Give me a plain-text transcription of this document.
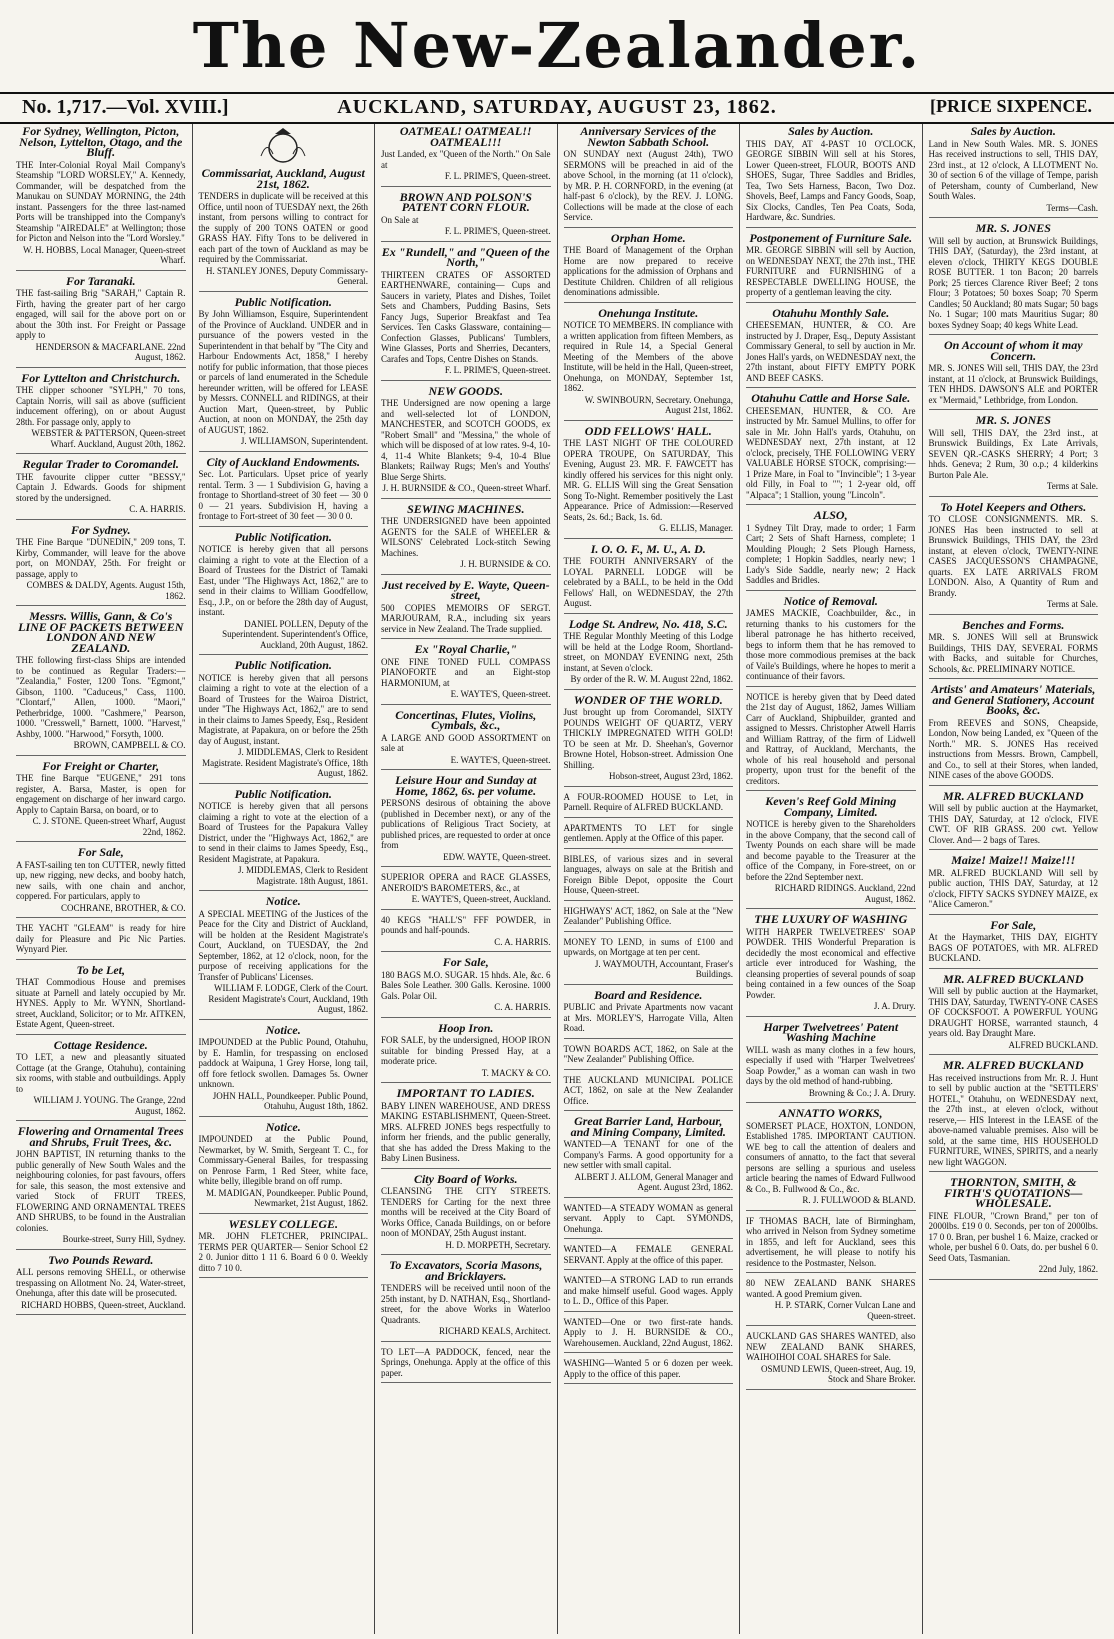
The New-Zealander.
No. 1,717.—Vol. XVIII.]	AUCKLAND, SATURDAY, AUGUST 23, 1862.	[PRICE SIXPENCE.
For Sydney, Wellington, Picton, Nelson, Lyttelton, Otago, and the Bluff.

THE Inter-Colonial Royal Mail Company's Steamship "LORD WORSLEY," A. Kennedy, Commander, will be despatched from the Manukau on SUNDAY MORNING, the 24th instant. Passengers for the three last-named Ports will be transhipped into the Company's Steamship "AIREDALE" at Wellington; those for Picton and Nelson into the "Lord Worsley."

W. H. HOBBS, Local Manager, Queen-street Wharf.
For Taranaki.

THE fast-sailing Brig "SARAH," Captain R. Firth, having the greater part of her cargo engaged, will sail for the above port on or about the 30th inst. For Freight or Passage apply to

HENDERSON & MACFARLANE. 22nd August, 1862.
For Lyttelton and Christchurch.

THE clipper schooner "SYLPH," 70 tons, Captain Norris, will sail as above (sufficient inducement offering), on or about August 28th. For passage only, apply to

WEBSTER & PATTERSON, Queen-street Wharf. Auckland, August 20th, 1862.
Regular Trader to Coromandel.

THE favourite clipper cutter "BESSY," Captain J. Edwards. Goods for shipment stored by the undersigned.

C. A. HARRIS.
For Sydney.

THE Fine Barque "DUNEDIN," 209 tons, T. Kirby, Commander, will leave for the above port, on MONDAY, 25th. For freight or passage, apply to

COMBES & DALDY, Agents. August 15th, 1862.
Messrs. Willis, Gann, & Co's LINE OF PACKETS BETWEEN LONDON AND NEW ZEALAND.

THE following first-class Ships are intended to be continued as Regular Traders:— "Zealandia," Foster, 1200 Tons. "Egmont," Gibson, 1100. "Caduceus," Cass, 1100. "Clontarf," Allen, 1000. "Maori," Petherbridge, 1000. "Cashmere," Pearson, 1000. "Cresswell," Barnett, 1000. "Harvest," Ashby, 1000. "Harwood," Forsyth, 1000.

BROWN, CAMPBELL & CO.
For Freight or Charter,

THE fine Barque "EUGENE," 291 tons register, A. Barsa, Master, is open for engagement on discharge of her inward cargo. Apply to Captain Barsa, on board, or to

C. J. STONE. Queen-street Wharf, August 22nd, 1862.
For Sale,

A FAST-sailing ten ton CUTTER, newly fitted up, new rigging, new decks, and booby hatch, new sails, with one chain and anchor, coppered. For particulars, apply to

COCHRANE, BROTHER, & CO.

THE YACHT "GLEAM" is ready for hire daily for Pleasure and Pic Nic Parties. Wynyard Pier.

To be Let,

THAT Commodious House and premises situate at Parnell and lately occupied by Mr. HYNES. Apply to Mr. WYNN, Shortland-street, Auckland, Solicitor; or to Mr. AITKEN, Estate Agent, Queen-street.

Cottage Residence.

TO LET, a new and pleasantly situated Cottage (at the Grange, Otahuhu), containing six rooms, with stable and outbuildings. Apply to

WILLIAM J. YOUNG. The Grange, 22nd August, 1862.
Flowering and Ornamental Trees and Shrubs, Fruit Trees, &c.

JOHN BAPTIST, IN returning thanks to the public generally of New South Wales and the neighbouring colonies, for past favours, offers for sale, this season, the most extensive and varied Stock of FRUIT TREES, FLOWERING AND ORNAMENTAL TREES AND SHRUBS, to be found in the Australian colonies.

Bourke-street, Surry Hill, Sydney.
Two Pounds Reward.

ALL persons removing SHELL, or otherwise trespassing on Allotment No. 24, Water-street, Onehunga, after this date will be prosecuted.

RICHARD HOBBS, Queen-street, Auckland.
Commissariat, Auckland, August 21st, 1862.

TENDERS in duplicate will be received at this Office, until noon of TUESDAY next, the 26th instant, from persons willing to contract for the supply of 200 TONS OATEN or good GRASS HAY. Fifty Tons to be delivered in each part of the town of Auckland as may be required by the Commissariat.

H. STANLEY JONES, Deputy Commissary-General.
Public Notification.

By John Williamson, Esquire, Superintendent of the Province of Auckland. UNDER and in pursuance of the powers vested in the Superintendent in that behalf by "The City and Harbour Endowments Act, 1858," I hereby notify for public information, that those pieces or parcels of land enumerated in the Schedule hereunder written, will be offered for LEASE by Messrs. CONNELL and RIDINGS, at their Auction Mart, Queen-street, by Public Auction, at noon on MONDAY, the 25th day of AUGUST, 1862.

J. WILLIAMSON, Superintendent.
City of Auckland Endowments.

Sec. Lot. Particulars. Upset price of yearly rental. Term. 3 — 1 Subdivision G, having a frontage to Shortland-street of 30 feet — 30 0 0 — 21 years. Subdivision H, having a frontage to Fort-street of 30 feet — 30 0 0.

Public Notification.

NOTICE is hereby given that all persons claiming a right to vote at the Election of a Board of Trustees for the District of Tamaki East, under "The Highways Act, 1862," are to send in their claims to William Goodfellow, Esq., J.P., on or before the 28th day of August, instant.

DANIEL POLLEN, Deputy of the Superintendent. Superintendent's Office, Auckland, 20th August, 1862.
Public Notification.

NOTICE is hereby given that all persons claiming a right to vote at the election of a Board of Trustees for the Wairoa District, under "The Highways Act, 1862," are to send in their claims to James Speedy, Esq., Resident Magistrate, at Papakura, on or before the 25th day of August, instant.

J. MIDDLEMAS, Clerk to Resident Magistrate. Resident Magistrate's Office, 18th August, 1862.
Public Notification.

NOTICE is hereby given that all persons claiming a right to vote at the election of a Board of Trustees for the Papakura Valley District, under the "Highways Act, 1862," are to send in their claims to James Speedy, Esq., Resident Magistrate, at Papakura.

J. MIDDLEMAS, Clerk to Resident Magistrate. 18th August, 1861.
Notice.

A SPECIAL MEETING of the Justices of the Peace for the City and District of Auckland, will be holden at the Resident Magistrate's Court, Auckland, on TUESDAY, the 2nd September, 1862, at 12 o'clock, noon, for the purpose of receiving applications for the Transfer of Publicans' Licenses.

WILLIAM F. LODGE, Clerk of the Court. Resident Magistrate's Court, Auckland, 19th August, 1862.
Notice.

IMPOUNDED at the Public Pound, Otahuhu, by E. Hamlin, for trespassing on enclosed paddock at Waipuna, 1 Grey Horse, long tail, off fore fetlock swollen. Damages 5s. Owner unknown.

JOHN HALL, Poundkeeper. Public Pound, Otahuhu, August 18th, 1862.
Notice.

IMPOUNDED at the Public Pound, Newmarket, by W. Smith, Sergeant T. C., for Commissary-General Bailes, for trespassing on Penrose Farm, 1 Red Steer, white face, white belly, illegible brand on off rump.

M. MADIGAN, Poundkeeper. Public Pound, Newmarket, 21st August, 1862.
WESLEY COLLEGE.

MR. JOHN FLETCHER, PRINCIPAL. TERMS PER QUARTER— Senior School £2 2 0. Junior ditto 1 11 6. Board 6 0 0. Weekly ditto 7 10 0.

OATMEAL! OATMEAL!! OATMEAL!!!

Just Landed, ex "Queen of the North." On Sale at

F. L. PRIME'S, Queen-street.
BROWN AND POLSON'S PATENT CORN FLOUR.

On Sale at

F. L. PRIME'S, Queen-street.
Ex "Rundell," and "Queen of the North,"

THIRTEEN CRATES OF ASSORTED EARTHENWARE, containing— Cups and Saucers in variety, Plates and Dishes, Toilet Sets and Chambers, Pudding Basins, Sets Fancy Jugs, Superior Breakfast and Tea Services. Ten Casks Glassware, containing— Confection Glasses, Publicans' Tumblers, Wine Glasses, Ports and Sherries, Decanters, Carafes and Tops, Centre Dishes on Stands.

F. L. PRIME'S, Queen-street.
NEW GOODS.

THE Undersigned are now opening a large and well-selected lot of LONDON, MANCHESTER, and SCOTCH GOODS, ex "Robert Small" and "Messina," the whole of which will be disposed of at low rates. 9-4, 10-4, 11-4 White Blankets; 9-4, 10-4 Blue Blankets; Railway Rugs; Men's and Youths' Blue Serge Shirts.

J. H. BURNSIDE & CO., Queen-street Wharf.
SEWING MACHINES.

THE UNDERSIGNED have been appointed AGENTS for the SALE of WHEELER & WILSONS' Celebrated Lock-stitch Sewing Machines.

J. H. BURNSIDE & CO.
Just received by E. Wayte, Queen-street,

500 COPIES MEMOIRS OF SERGT. MARJOURAM, R.A., including six years service in New Zealand. The Trade supplied.

Ex "Royal Charlie,"

ONE FINE TONED FULL COMPASS PIANOFORTE and an Eight-stop HARMONIUM, at

E. WAYTE'S, Queen-street.
Concertinas, Flutes, Violins, Cymbals, &c.,

A LARGE AND GOOD ASSORTMENT on sale at

E. WAYTE'S, Queen-street.
Leisure Hour and Sunday at Home, 1862, 6s. per volume.

PERSONS desirous of obtaining the above (published in December next), or any of the publications of Religious Tract Society, at published prices, are requested to order at once from

EDW. WAYTE, Queen-street.

SUPERIOR OPERA and RACE GLASSES, ANEROID'S BAROMETERS, &c., at

E. WAYTE'S, Queen-street, Auckland.

40 KEGS "HALL'S" FFF POWDER, in pounds and half-pounds.

C. A. HARRIS.
For Sale,

180 BAGS M.O. SUGAR. 15 hhds. Ale, &c. 6 Bales Sole Leather. 300 Galls. Kerosine. 1000 Gals. Polar Oil.

C. A. HARRIS.
Hoop Iron.

FOR SALE, by the undersigned, HOOP IRON suitable for binding Pressed Hay, at a moderate price.

T. MACKY & CO.
IMPORTANT TO LADIES.

BABY LINEN WAREHOUSE, AND DRESS MAKING ESTABLISHMENT, Queen-Street. MRS. ALFRED JONES begs respectfully to inform her friends, and the public generally, that she has added the Dress Making to the Baby Linen Business.

City Board of Works.

CLEANSING THE CITY STREETS. TENDERS for Carting for the next three months will be received at the City Board of Works Office, Canada Buildings, on or before noon of MONDAY, 25th August instant.

H. D. MORPETH, Secretary.
To Excavators, Scoria Masons, and Bricklayers.

TENDERS will be received until noon of the 25th instant, by D. NATHAN, Esq., Shortland-street, for the above Works in Waterloo Quadrants.

RICHARD KEALS, Architect.

TO LET—A PADDOCK, fenced, near the Springs, Onehunga. Apply at the office of this paper.

Anniversary Services of the Newton Sabbath School.

ON SUNDAY next (August 24th), TWO SERMONS will be preached in aid of the above School, in the morning (at 11 o'clock), by MR. P. H. CORNFORD, in the evening (at half-past 6 o'clock), by the REV. J. LONG. Collections will be made at the close of each Service.

Orphan Home.

THE Board of Management of the Orphan Home are now prepared to receive applications for the admission of Orphans and Destitute Children. Children of all religious denominations admissible.

Onehunga Institute.

NOTICE TO MEMBERS. IN compliance with a written application from fifteen Members, as required in Rule 14, a Special General Meeting of the Members of the above Institute, will be held in the Hall, Queen-street, Onehunga, on MONDAY, September 1st, 1862.

W. SWINBOURN, Secretary. Onehunga, August 21st, 1862.
ODD FELLOWS' HALL.

THE LAST NIGHT OF THE COLOURED OPERA TROUPE, On SATURDAY, This Evening, August 23. MR. F. FAWCETT has kindly offered his services for this night only. MR. G. ELLIS Will sing the Great Sensation Song To-Night. Remember positively the Last Appearance. Price of Admission:—Reserved Seats, 2s. 6d.; Back, 1s. 6d.

G. ELLIS, Manager.
I. O. O. F., M. U., A. D.

THE FOURTH ANNIVERSARY of the LOYAL PARNELL LODGE will be celebrated by a BALL, to be held in the Odd Fellows' Hall, on WEDNESDAY, the 27th August.

Lodge St. Andrew, No. 418, S.C.

THE Regular Monthly Meeting of this Lodge will be held at the Lodge Room, Shortland-street, on MONDAY EVENING next, 25th instant, at Seven o'clock.

By order of the R. W. M. August 22nd, 1862.
WONDER OF THE WORLD.

Just brought up from Coromandel, SIXTY POUNDS WEIGHT OF QUARTZ, VERY THICKLY IMPREGNATED WITH GOLD! TO be seen at Mr. D. Sheehan's, Governor Browne Hotel, Hobson-street. Admission One Shilling.

Hobson-street, August 23rd, 1862.

A FOUR-ROOMED HOUSE to Let, in Parnell. Require of ALFRED BUCKLAND.

APARTMENTS TO LET for single gentlemen. Apply at the Office of this paper.

BIBLES, of various sizes and in several languages, always on sale at the British and Foreign Bible Depot, opposite the Court House, Queen-street.

HIGHWAYS' ACT, 1862, on Sale at the "New Zealander" Publishing Office.

MONEY TO LEND, in sums of £100 and upwards, on Mortgage at ten per cent.

J. WAYMOUTH, Accountant, Fraser's Buildings.
Board and Residence.

PUBLIC and Private Apartments now vacant at Mrs. MORLEY'S, Harrogate Villa, Alten Road.

TOWN BOARDS ACT, 1862, on Sale at the "New Zealander" Publishing Office.

THE AUCKLAND MUNICIPAL POLICE ACT, 1862, on sale at the New Zealander Office.

Great Barrier Land, Harbour, and Mining Company, Limited.

WANTED—A TENANT for one of the Company's Farms. A good opportunity for a new settler with small capital.

ALBERT J. ALLOM, General Manager and Agent. August 23rd, 1862.

WANTED—A STEADY WOMAN as general servant. Apply to Capt. SYMONDS, Onehunga.

WANTED—A FEMALE GENERAL SERVANT. Apply at the office of this paper.

WANTED—A STRONG LAD to run errands and make himself useful. Good wages. Apply to L. D., Office of this Paper.

WANTED—One or two first-rate hands. Apply to J. H. BURNSIDE & CO., Warehousemen. Auckland, 22nd August, 1862.

WASHING—Wanted 5 or 6 dozen per week. Apply to the office of this paper.

Sales by Auction.

THIS DAY, AT 4-PAST 10 O'CLOCK, GEORGE SIBBIN Will sell at his Stores, Lower Queen-street, FLOUR, BOOTS AND SHOES, Sugar, Three Saddles and Bridles, Tea, Two Sets Harness, Bacon, Two Doz. Shovels, Beef, Lamps and Fancy Goods, Soap, Six Clocks, Candles, Ten Pea Coats, Soda, Hardware, &c. Sundries.

Postponement of Furniture Sale.

MR. GEORGE SIBBIN will sell by Auction, on WEDNESDAY NEXT, the 27th inst., THE FURNITURE and FURNISHING of a RESPECTABLE DWELLING HOUSE, the property of a gentleman leaving the city.

Otahuhu Monthly Sale.

CHEESEMAN, HUNTER, & CO. Are instructed by J. Draper, Esq., Deputy Assistant Commissary General, to sell by auction in Mr. Jones Hall's yards, on WEDNESDAY next, the 27th instant, about FIFTY EMPTY PORK AND BEEF CASKS.

Otahuhu Cattle and Horse Sale.

CHEESEMAN, HUNTER, & CO. Are instructed by Mr. Samuel Mullins, to offer for sale in Mr. John Hall's yards, Otahuhu, on WEDNESDAY next, 27th instant, at 12 o'clock, precisely, THE FOLLOWING VERY VALUABLE HORSE STOCK, comprising:— 1 Prize Mare, in Foal to "Invincible"; 1 3-year old Filly, in Foal to ""; 1 2-year old, off "Alpaca"; 1 Stallion, young "Lincoln".

ALSO,

1 Sydney Tilt Dray, made to order; 1 Farm Cart; 2 Sets of Shaft Harness, complete; 1 Moulding Plough; 2 Sets Plough Harness, complete; 1 Hopkin Saddles, nearly new; 1 Lady's Side Saddle, nearly new; 2 Hack Saddles and Bridles.

Notice of Removal.

JAMES MACKIE, Coachbuilder, &c., in returning thanks to his customers for the liberal patronage he has hitherto received, begs to inform them that he has removed to those more commodious premises at the back of Vaile's Buildings, where he hopes to merit a continuance of their favors.

NOTICE is hereby given that by Deed dated the 21st day of August, 1862, James William Carr of Auckland, Shipbuilder, granted and assigned to Messrs. Christopher Atwell Harris and William Rattray, of the firm of Lidwell and Rattray, of Auckland, Merchants, the whole of his real household and personal property, upon trust for the benefit of the creditors.

Keven's Reef Gold Mining Company, Limited.

NOTICE is hereby given to the Shareholders in the above Company, that the second call of Twenty Pounds on each share will be made and become payable to the Treasurer at the office of the Company, in Fore-street, on or before the 22nd September next.

RICHARD RIDINGS. Auckland, 22nd August, 1862.
THE LUXURY OF WASHING

WITH HARPER TWELVETREES' SOAP POWDER. THIS Wonderful Preparation is decidedly the most economical and effective article ever introduced for Washing, the cleansing properties of several pounds of soap being contained in a few ounces of the Soap Powder.

J. A. Drury.
Harper Twelvetrees' Patent Washing Machine

WILL wash as many clothes in a few hours, especially if used with "Harper Twelvetrees' Soap Powder," as a woman can wash in two days by the old method of hand-rubbing.

Browning & Co.; J. A. Drury.
ANNATTO WORKS,

SOMERSET PLACE, HOXTON, LONDON, Established 1785. IMPORTANT CAUTION. WE beg to call the attention of dealers and consumers of annatto, to the fact that several persons are selling a spurious and useless article bearing the names of Edward Fullwood & Co., B. Fullwood & Co., &c.

R. J. FULLWOOD & BLAND.

IF THOMAS BACH, late of Birmingham, who arrived in Nelson from Sydney sometime in 1855, and left for Auckland, sees this advertisement, he will please to notify his residence to the Postmaster, Nelson.

80 NEW ZEALAND BANK SHARES wanted. A good Premium given.

H. P. STARK, Corner Vulcan Lane and Queen-street.

AUCKLAND GAS SHARES WANTED, also NEW ZEALAND BANK SHARES, WAIHOIHOI COAL SHARES for Sale.

OSMUND LEWIS, Queen-street, Aug. 19, Stock and Share Broker.
Sales by Auction.

Land in New South Wales. MR. S. JONES Has received instructions to sell, THIS DAY, 23rd inst., at 12 o'clock, A LLOTMENT No. 30 of section 6 of the village of Tempe, parish of Petersham, county of Cumberland, New South Wales.

Terms—Cash.
MR. S. JONES

Will sell by auction, at Brunswick Buildings, THIS DAY, (Saturday), the 23rd instant, at eleven o'clock, THIRTY KEGS DOUBLE ROSE BUTTER. 1 ton Bacon; 20 barrels Pork; 25 tierces Clarence River Beef; 2 tons Flour; 3 Potatoes; 50 boxes Soap; 70 Sperm Candles; 50 Auckland; 80 mats Sugar; 50 bags No. 1 Sugar; 100 mats Mauritius Sugar; 80 boxes Sydney Soap; 40 kegs White Lead.

On Account of whom it may Concern.

MR. S. JONES Will sell, THIS DAY, the 23rd instant, at 11 o'clock, at Brunswick Buildings, TEN HHDS. DAWSON'S ALE and PORTER ex "Mermaid," Lethbridge, from London.

MR. S. JONES

Will sell, THIS DAY, the 23rd inst., at Brunswick Buildings, Ex Late Arrivals, SEVEN QR.-CASKS SHERRY; 4 Port; 3 hhds. Geneva; 2 Rum, 30 o.p.; 4 kilderkins Burton Pale Ale.

Terms at Sale.
To Hotel Keepers and Others.

TO CLOSE CONSIGNMENTS. MR. S. JONES Has been instructed to sell at Brunswick Buildings, THIS DAY, the 23rd instant, at eleven o'clock, TWENTY-NINE CASES JACQUESSON'S CHAMPAGNE, quarts. EX LATE ARRIVALS FROM LONDON. Also, A Quantity of Rum and Brandy.

Terms at Sale.
Benches and Forms.

MR. S. JONES Will sell at Brunswick Buildings, THIS DAY, SEVERAL FORMS with Backs, and suitable for Churches, Schools, &c. PRELIMINARY NOTICE.

Artists' and Amateurs' Materials, and General Stationery, Account Books, &c.

From REEVES and SONS, Cheapside, London, Now being Landed, ex "Queen of the North." MR. S. JONES Has received instructions from Messrs. Brown, Campbell, and Co., to sell at their Stores, when landed, NINE cases of the above GOODS.

MR. ALFRED BUCKLAND

Will sell by public auction at the Haymarket, THIS DAY, Saturday, at 12 o'clock, FIVE CWT. OF RIB GRASS. 200 cwt. Yellow Clover. And— 2 bags of Tares.

Maize! Maize!! Maize!!!

MR. ALFRED BUCKLAND Will sell by public auction, THIS DAY, Saturday, at 12 o'clock, FIFTY SACKS SYDNEY MAIZE, ex "Alice Cameron."

For Sale,

At the Haymarket, THIS DAY, EIGHTY BAGS OF POTATOES, with MR. ALFRED BUCKLAND.

MR. ALFRED BUCKLAND

Will sell by public auction at the Haymarket, THIS DAY, Saturday, TWENTY-ONE CASES OF COCKSFOOT. A POWERFUL YOUNG DRAUGHT HORSE, warranted staunch, 4 years old. Bay Draught Mare.

ALFRED BUCKLAND.
MR. ALFRED BUCKLAND

Has received instructions from Mr. R. J. Hunt to sell by public auction at the "SETTLERS' HOTEL," Otahuhu, on WEDNESDAY next, the 27th inst., at eleven o'clock, without reserve,— HIS Interest in the LEASE of the above-named valuable premises. Also will be sold, at the same time, HIS HOUSEHOLD FURNITURE, WINES, SPIRITS, and a nearly new light WAGGON.

THORNTON, SMITH, & FIRTH'S QUOTATIONS—WHOLESALE.

FINE FLOUR, "Crown Brand," per ton of 2000lbs. £19 0 0. Seconds, per ton of 2000lbs. 17 0 0. Bran, per bushel 1 6. Maize, cracked or whole, per bushel 6 0. Oats, do. per bushel 6 0. Seed Oats, Tasmanian.

22nd July, 1862.
